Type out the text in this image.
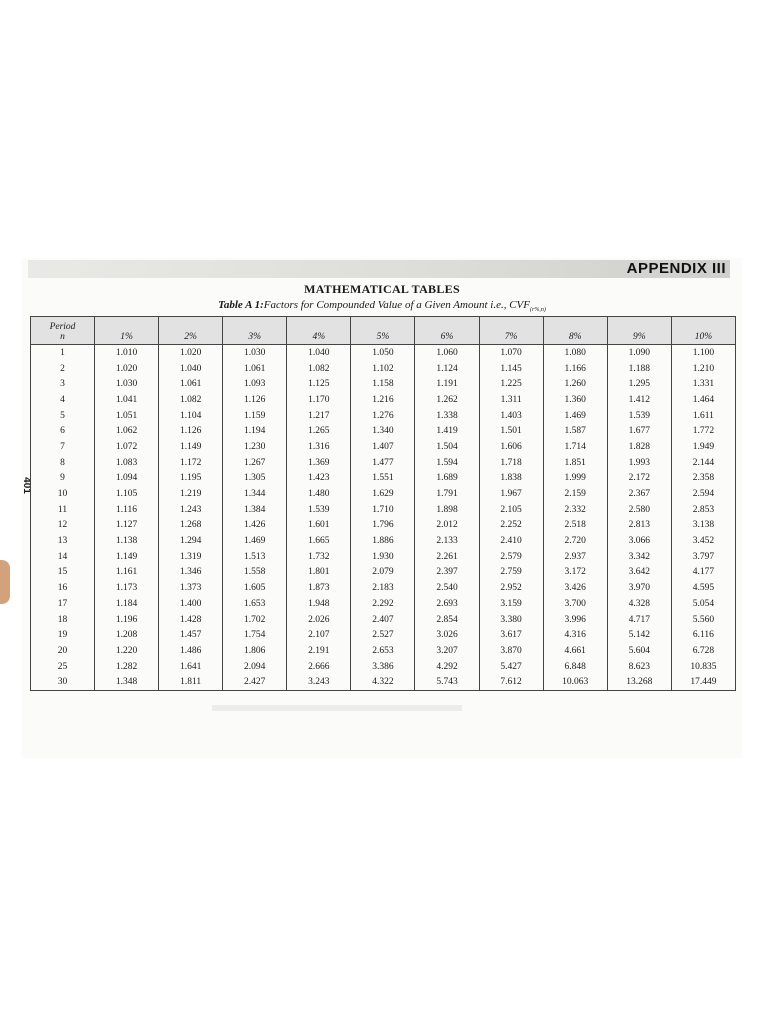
APPENDIX III
MATHEMATICAL TABLES
Table A 1:Factors for Compounded Value of a Given Amount i.e., $CVF_{(r\%,n)}$
401
Period
n	1%	2%	3%	4%	5%	6%	7%	8%	9%	10%
1	1.010	1.020	1.030	1.040	1.050	1.060	1.070	1.080	1.090	1.100
2	1.020	1.040	1.061	1.082	1.102	1.124	1.145	1.166	1.188	1.210
3	1.030	1.061	1.093	1.125	1.158	1.191	1.225	1.260	1.295	1.331
4	1.041	1.082	1.126	1.170	1.216	1.262	1.311	1.360	1.412	1.464
5	1.051	1.104	1.159	1.217	1.276	1.338	1.403	1.469	1.539	1.611
6	1.062	1.126	1.194	1.265	1.340	1.419	1.501	1.587	1.677	1.772
7	1.072	1.149	1.230	1.316	1.407	1.504	1.606	1.714	1.828	1.949
8	1.083	1.172	1.267	1.369	1.477	1.594	1.718	1.851	1.993	2.144
9	1.094	1.195	1.305	1.423	1.551	1.689	1.838	1.999	2.172	2.358
10	1.105	1.219	1.344	1.480	1.629	1.791	1.967	2.159	2.367	2.594
11	1.116	1.243	1.384	1.539	1.710	1.898	2.105	2.332	2.580	2.853
12	1.127	1.268	1.426	1.601	1.796	2.012	2.252	2.518	2.813	3.138
13	1.138	1.294	1.469	1.665	1.886	2.133	2.410	2.720	3.066	3.452
14	1.149	1.319	1.513	1.732	1.930	2.261	2.579	2.937	3.342	3.797
15	1.161	1.346	1.558	1.801	2.079	2.397	2.759	3.172	3.642	4.177
16	1.173	1.373	1.605	1.873	2.183	2.540	2.952	3.426	3.970	4.595
17	1.184	1.400	1.653	1.948	2.292	2.693	3.159	3.700	4.328	5.054
18	1.196	1.428	1.702	2.026	2.407	2.854	3.380	3.996	4.717	5.560
19	1.208	1.457	1.754	2.107	2.527	3.026	3.617	4.316	5.142	6.116
20	1.220	1.486	1.806	2.191	2.653	3.207	3.870	4.661	5.604	6.728
25	1.282	1.641	2.094	2.666	3.386	4.292	5.427	6.848	8.623	10.835
30	1.348	1.811	2.427	3.243	4.322	5.743	7.612	10.063	13.268	17.449
